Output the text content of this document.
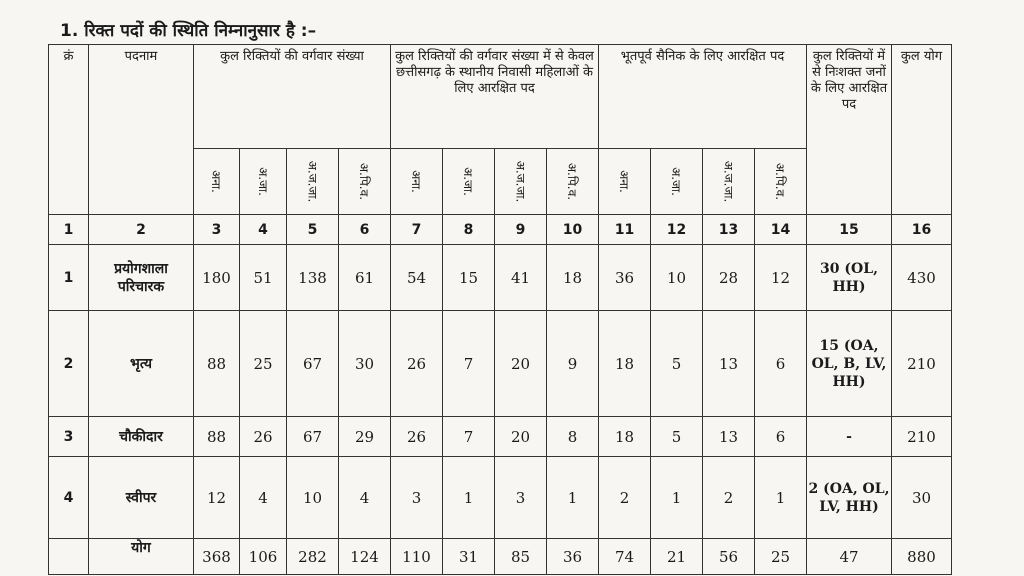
1. रिक्त पदों की स्थिति निम्नानुसार है :–
क्रं	पदनाम	कुल रिक्तियों की वर्गवार संख्या				कुल रिक्तियों की वर्गवार संख्या में से केवल छत्तीसगढ़ के स्थानीय निवासी महिलाओं के लिए आरक्षित पद				भूतपूर्व सैनिक के लिए आरक्षित पद				कुल रिक्तियों में से निःशक्त जनों के लिए आरक्षित पद	कुल योग
		अना.	अ.जा.	अ.ज.जा.	अ.पि.व.	अना.	अ.जा.	अ.ज.जा.	अ.पि.व.	अना.	अ.जा.	अ.ज.जा.	अ.पि.व.		
1	2	3	4	5	6	7	8	9	10	11	12	13	14	15	16
1	प्रयोगशाला परिचारक	180	51	138	61	54	15	41	18	36	10	28	12	30 (OL, HH)	430
2	भृत्य	88	25	67	30	26	7	20	9	18	5	13	6	15 (OA, OL, B, LV, HH)	210
3	चौकीदार	88	26	67	29	26	7	20	8	18	5	13	6	-	210
4	स्वीपर	12	4	10	4	3	1	3	1	2	1	2	1	2 (OA, OL, LV, HH)	30
	योग	368	106	282	124	110	31	85	36	74	21	56	25	47	880
